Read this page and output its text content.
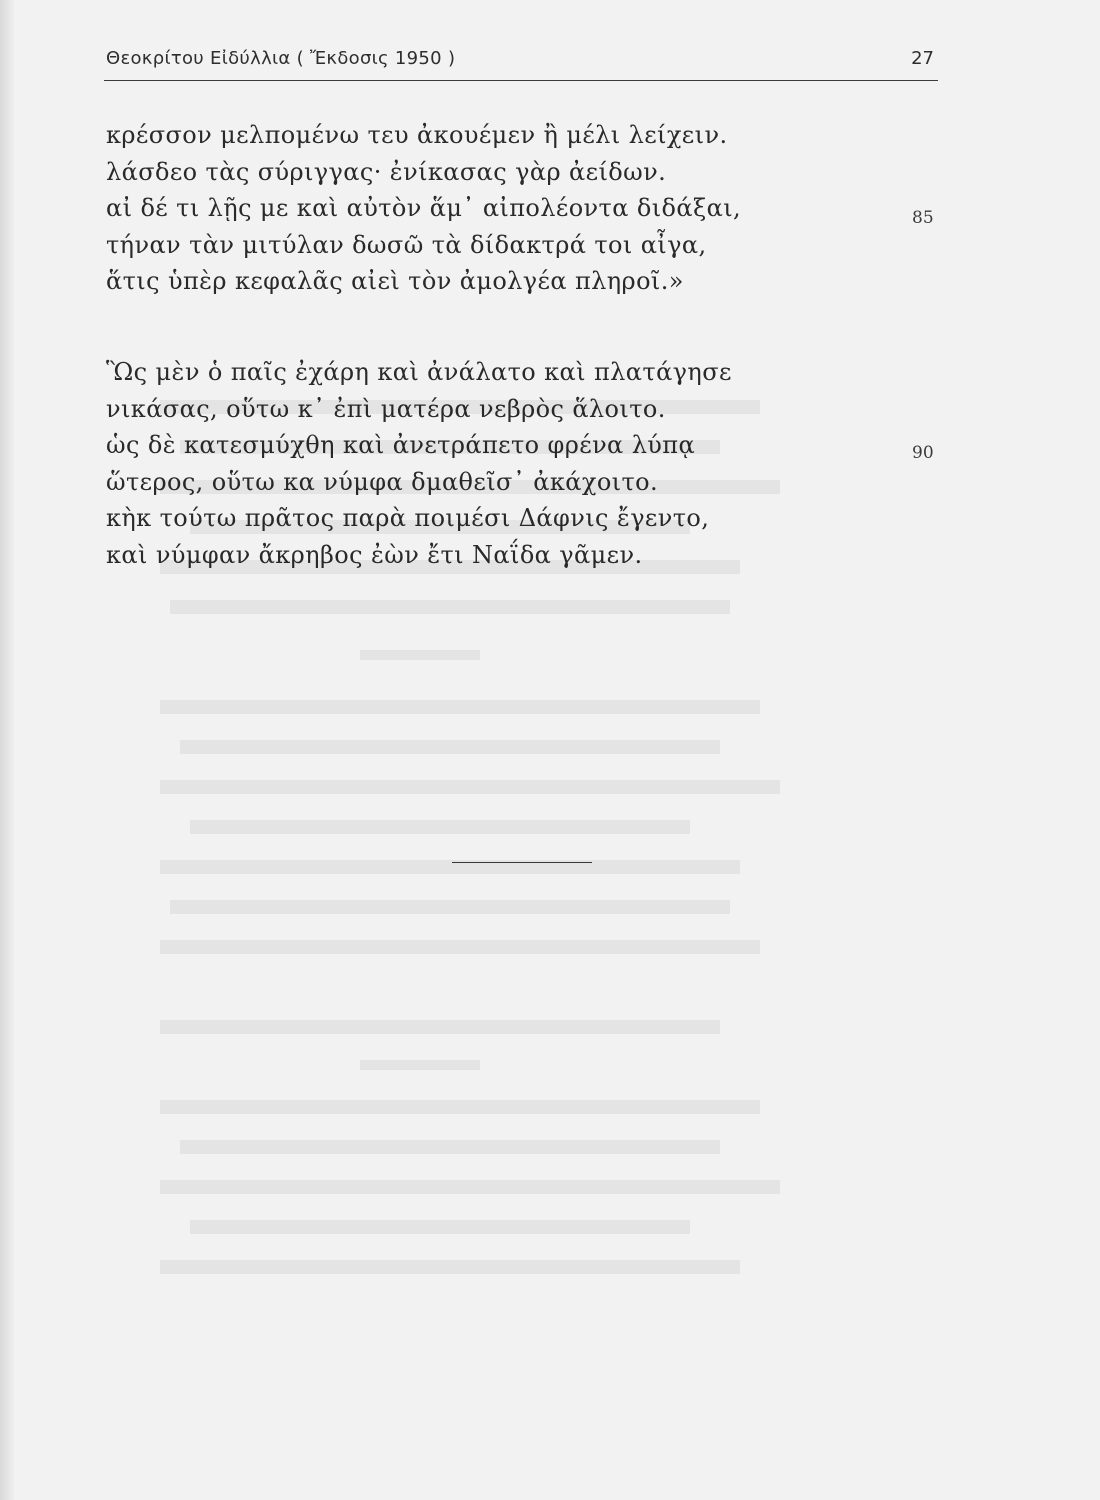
Θεοκρίτου Εἰδύλλια ( Ἔκδοσις 1950 )	27
κρέσσον μελπομένω τευ ἀκουέμεν ἢ μέλι λείχειν.
λάσδεο τὰς σύριγγας· ἐνίκασας γὰρ ἀείδων.
αἰ δέ τι λῇς με καὶ αὐτὸν ἅμ᾽ αἰπολέοντα διδάξαι,
τήναν τὰν μιτύλαν δωσῶ τὰ δίδακτρά τοι αἶγα,
ἅτις ὑπὲρ κεφαλᾶς αἰεὶ τὸν ἀμολγέα πληροῖ.»
85
Ὣς μὲν ὁ παῖς ἐχάρη καὶ ἀνάλατο καὶ πλατάγησε
νικάσας, οὕτω κ᾽ ἐπὶ ματέρα νεβρὸς ἅλοιτο.
ὡς δὲ κατεσμύχθη καὶ ἀνετράπετο φρένα λύπᾳ
ὥτερος, οὕτω κα νύμφα δμαθεῖσ᾽ ἀκάχοιτο.
κὴκ τούτω πρᾶτος παρὰ ποιμέσι Δάφνις ἔγεντο,
καὶ νύμφαν ἄκρηβος ἐὼν ἔτι Ναΐδα γᾶμεν.
90
